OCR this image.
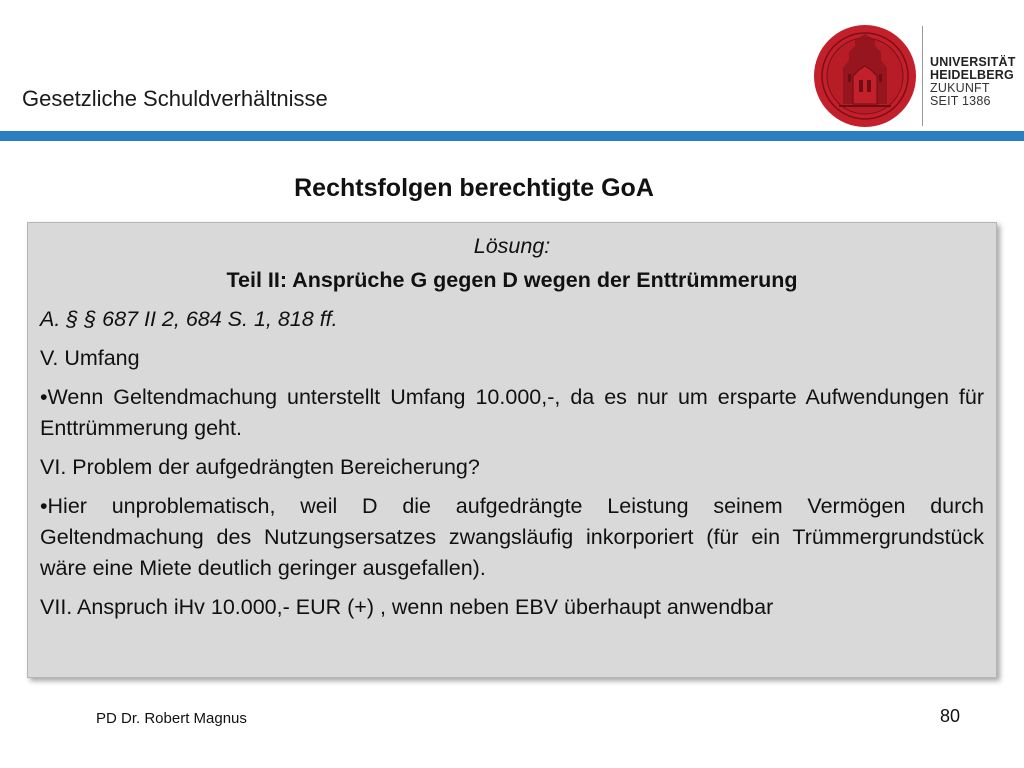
Gesetzliche Schuldverhältnisse
UNIVERSITÄT
HEIDELBERG
ZUKUNFT
SEIT 1386
Rechtsfolgen berechtigte GoA
Lösung:
Teil II: Ansprüche G gegen D wegen der Enttrümmerung

A. § § 687 II 2, 684 S. 1, 818 ff.

V. Umfang

•Wenn Geltendmachung unterstellt Umfang 10.000,-, da es nur um ersparte Aufwendungen für Enttrümmerung geht.

VI. Problem der aufgedrängten Bereicherung?

•Hier unproblematisch, weil D die aufgedrängte Leistung seinem Vermögen durch Geltendmachung des Nutzungsersatzes zwangsläufig inkorporiert (für ein Trümmergrundstück wäre eine Miete deutlich geringer ausgefallen).

VII. Anspruch iHv 10.000,- EUR (+) , wenn neben EBV überhaupt anwendbar

PD Dr. Robert Magnus	80
